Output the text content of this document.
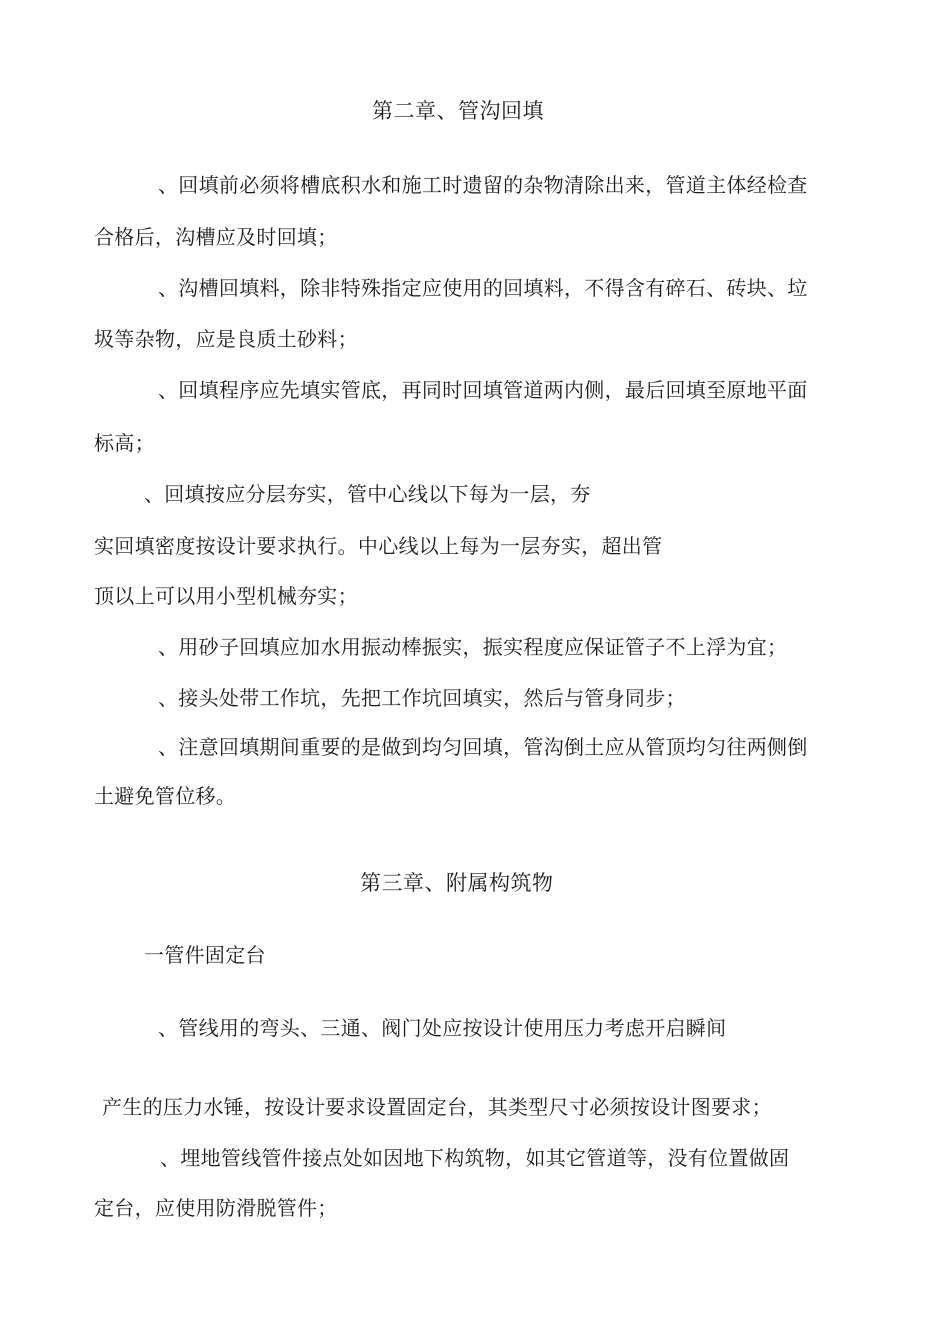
第二章、管沟回填
、回填前必须将槽底积水和施工时遗留的杂物清除出来，管道主体经检查
合格后，沟槽应及时回填；
、沟槽回填料，除非特殊指定应使用的回填料，不得含有碎石、砖块、垃
圾等杂物，应是良质土砂料；
、回填程序应先填实管底，再同时回填管道两内侧，最后回填至原地平面
标高；
、回填按应分层夯实，管中心线以下每为一层，夯
实回填密度按设计要求执行。中心线以上每为一层夯实，超出管
顶以上可以用小型机械夯实；
、用砂子回填应加水用振动棒振实，振实程度应保证管子不上浮为宜；
、接头处带工作坑，先把工作坑回填实，然后与管身同步；
、注意回填期间重要的是做到均匀回填，管沟倒土应从管顶均匀往两侧倒
土避免管位移。
第三章、附属构筑物
一管件固定台
、管线用的弯头、三通、阀门处应按设计使用压力考虑开启瞬间
产生的压力水锤，按设计要求设置固定台，其类型尺寸必须按设计图要求；
、埋地管线管件接点处如因地下构筑物，如其它管道等，没有位置做固
定台，应使用防滑脱管件；
